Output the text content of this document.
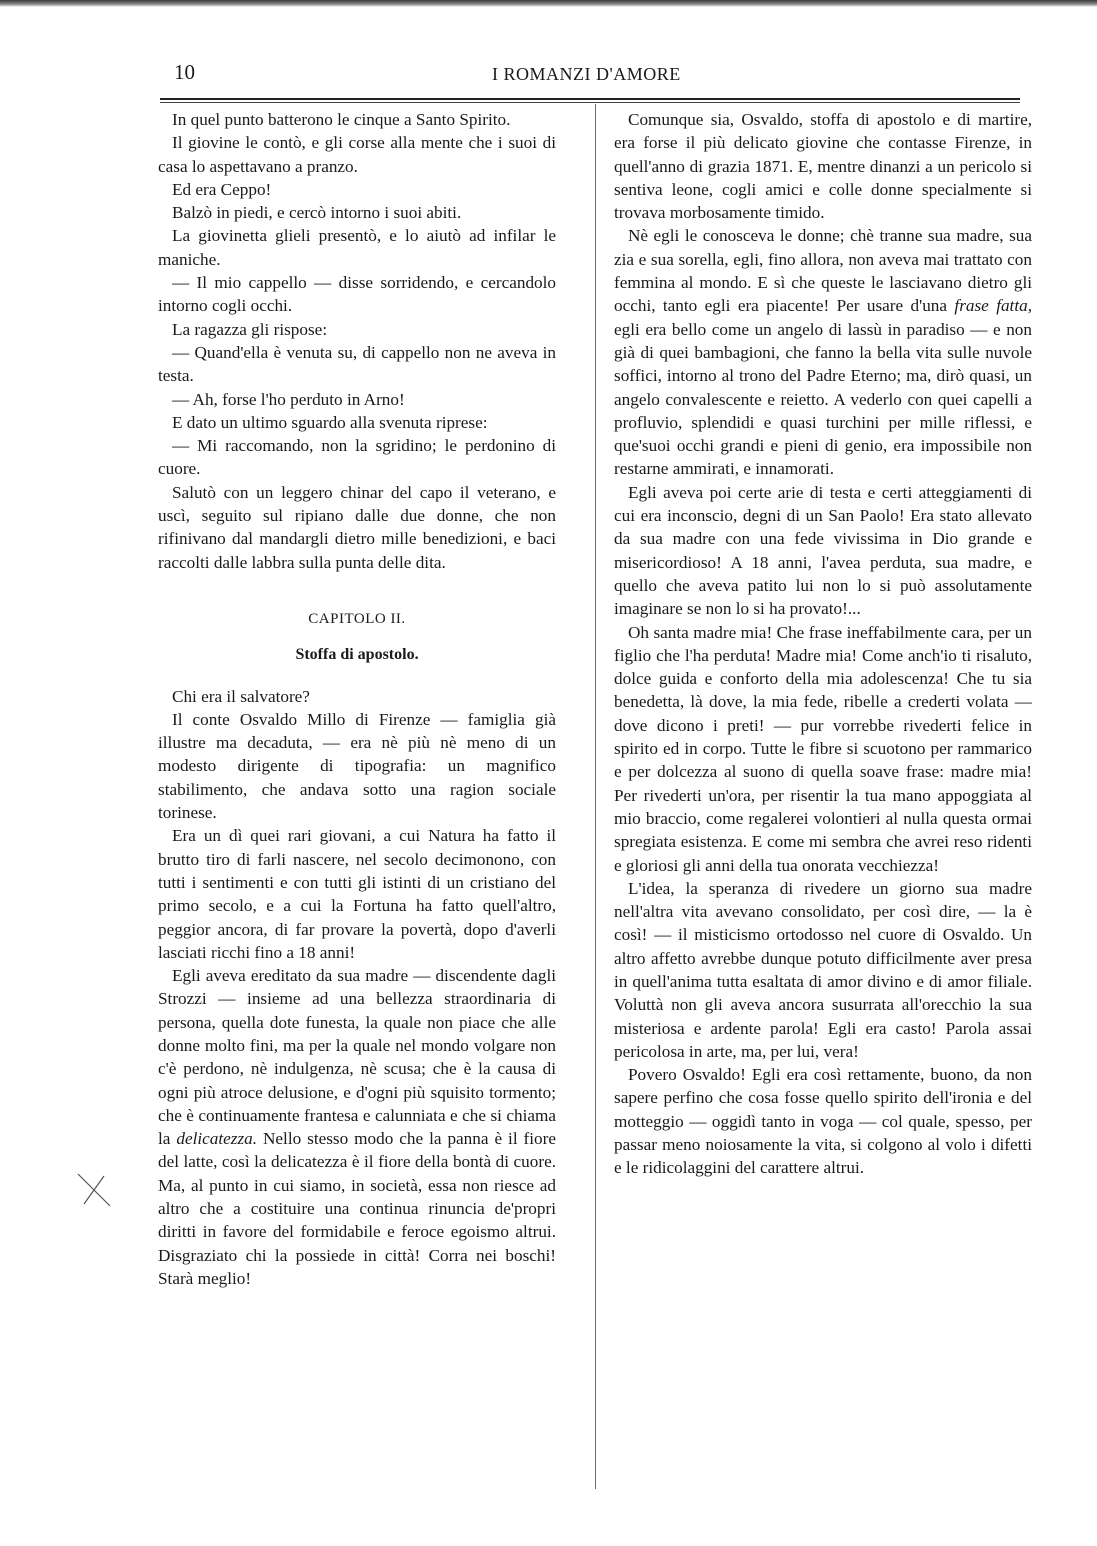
10	I ROMANZI D'AMORE

In quel punto batterono le cinque a Santo Spirito.

Il giovine le contò, e gli corse alla mente che i suoi di casa lo aspettavano a pranzo.

Ed era Ceppo!

Balzò in piedi, e cercò intorno i suoi abiti.

La giovinetta glieli presentò, e lo aiutò ad infilar le maniche.

— Il mio cappello — disse sorridendo, e cercandolo intorno cogli occhi.

La ragazza gli rispose:

— Quand'ella è venuta su, di cappello non ne aveva in testa.

— Ah, forse l'ho perduto in Arno!

E dato un ultimo sguardo alla svenuta riprese:

— Mi raccomando, non la sgridino; le perdonino di cuore.

Salutò con un leggero chinar del capo il veterano, e uscì, seguito sul ripiano dalle due donne, che non rifinivano dal mandargli dietro mille benedizioni, e baci raccolti dalle labbra sulla punta delle dita.

CAPITOLO II.

Stoffa di apostolo.

Chi era il salvatore?

Il conte Osvaldo Millo di Firenze — famiglia già illustre ma decaduta, — era nè più nè meno di un modesto dirigente di tipografia: un magnifico stabilimento, che andava sotto una ragion sociale torinese.

Era un dì quei rari giovani, a cui Natura ha fatto il brutto tiro di farli nascere, nel secolo decimonono, con tutti i sentimenti e con tutti gli istinti di un cristiano del primo secolo, e a cui la Fortuna ha fatto quell'altro, peggior ancora, di far provare la povertà, dopo d'averli lasciati ricchi fino a 18 anni!

Egli aveva ereditato da sua madre — discendente dagli Strozzi — insieme ad una bellezza straordinaria di persona, quella dote funesta, la quale non piace che alle donne molto fini, ma per la quale nel mondo volgare non c'è perdono, nè indulgenza, nè scusa; che è la causa di ogni più atroce delusione, e d'ogni più squisito tormento; che è continuamente frantesa e calunniata e che si chiama la delicatezza. Nello stesso modo che la panna è il fiore del latte, così la delicatezza è il fiore della bontà di cuore. Ma, al punto in cui siamo, in società, essa non riesce ad altro che a costituire una continua rinuncia de'propri diritti in favore del formidabile e feroce egoismo altrui. Disgraziato chi la possiede in città! Corra nei boschi! Starà meglio!

Comunque sia, Osvaldo, stoffa di apostolo e di martire, era forse il più delicato giovine che contasse Firenze, in quell'anno di grazia 1871. E, mentre dinanzi a un pericolo si sentiva leone, cogli amici e colle donne specialmente si trovava morbosamente timido.

Nè egli le conosceva le donne; chè tranne sua madre, sua zia e sua sorella, egli, fino allora, non aveva mai trattato con femmina al mondo. E sì che queste le lasciavano dietro gli occhi, tanto egli era piacente! Per usare d'una frase fatta, egli era bello come un angelo di lassù in paradiso — e non già di quei bambagioni, che fanno la bella vita sulle nuvole soffici, intorno al trono del Padre Eterno; ma, dirò quasi, un angelo convalescente e reietto. A vederlo con quei capelli a profluvio, splendidi e quasi turchini per mille riflessi, e que'suoi occhi grandi e pieni di genio, era impossibile non restarne ammirati, e innamorati.

Egli aveva poi certe arie di testa e certi atteggiamenti di cui era inconscio, degni di un San Paolo! Era stato allevato da sua madre con una fede vivissima in Dio grande e misericordioso! A 18 anni, l'avea perduta, sua madre, e quello che aveva patito lui non lo si può assolutamente imaginare se non lo si ha provato!...

Oh santa madre mia! Che frase ineffabilmente cara, per un figlio che l'ha perduta! Madre mia! Come anch'io ti risaluto, dolce guida e conforto della mia adolescenza! Che tu sia benedetta, là dove, la mia fede, ribelle a crederti volata — dove dicono i preti! — pur vorrebbe rivederti felice in spirito ed in corpo. Tutte le fibre si scuotono per rammarico e per dolcezza al suono di quella soave frase: madre mia! Per rivederti un'ora, per risentir la tua mano appoggiata al mio braccio, come regalerei volontieri al nulla questa ormai spregiata esistenza. E come mi sembra che avrei reso ridenti e gloriosi gli anni della tua onorata vecchiezza!

L'idea, la speranza di rivedere un giorno sua madre nell'altra vita avevano consolidato, per così dire, — la è così! — il misticismo ortodosso nel cuore di Osvaldo. Un altro affetto avrebbe dunque potuto difficilmente aver presa in quell'anima tutta esaltata di amor divino e di amor filiale. Voluttà non gli aveva ancora susurrata all'orecchio la sua misteriosa e ardente parola! Egli era casto! Parola assai pericolosa in arte, ma, per lui, vera!

Povero Osvaldo! Egli era così rettamente, buono, da non sapere perfino che cosa fosse quello spirito dell'ironia e del motteggio — oggidì tanto in voga — col quale, spesso, per passar meno noiosamente la vita, si colgono al volo i difetti e le ridicolaggini del carattere altrui.
